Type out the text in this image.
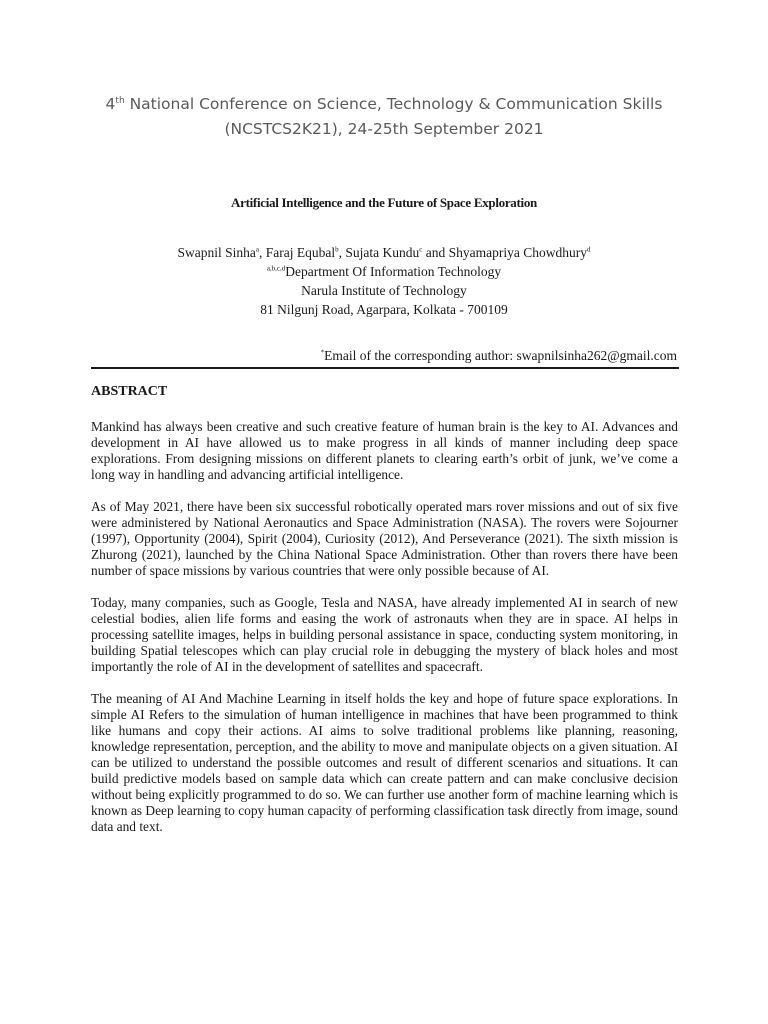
4th National Conference on Science, Technology & Communication Skills
(NCSTCS2K21), 24-25th September 2021
Artificial Intelligence and the Future of Space Exploration
Swapnil Sinha$^a$, Faraj Equbal$^b$, Sujata Kundu$^c$ and Shyamapriya Chowdhury$^d$
$^{a,b,c,d}$Department Of Information Technology
Narula Institute of Technology
81 Nilgunj Road, Agarpara, Kolkata - 700109
*Email of the corresponding author: swapnilsinha262@gmail.com
ABSTRACT

Mankind has always been creative and such creative feature of human brain is the key to AI. Advances and development in AI have allowed us to make progress in all kinds of manner including deep space explorations. From designing missions on different planets to clearing earth’s orbit of junk, we’ve come a long way in handling and advancing artificial intelligence.

As of May 2021, there have been six successful robotically operated mars rover missions and out of six five were administered by National Aeronautics and Space Administration (NASA). The rovers were Sojourner (1997), Opportunity (2004), Spirit (2004), Curiosity (2012), And Perseverance (2021). The sixth mission is Zhurong (2021), launched by the China National Space Administration. Other than rovers there have been number of space missions by various countries that were only possible because of AI.

Today, many companies, such as Google, Tesla and NASA, have already implemented AI in search of new celestial bodies, alien life forms and easing the work of astronauts when they are in space. AI helps in processing satellite images, helps in building personal assistance in space, conducting system monitoring, in building Spatial telescopes which can play crucial role in debugging the mystery of black holes and most importantly the role of AI in the development of satellites and spacecraft.

The meaning of AI And Machine Learning in itself holds the key and hope of future space explorations. In simple AI Refers to the simulation of human intelligence in machines that have been programmed to think like humans and copy their actions. AI aims to solve traditional problems like planning, reasoning, knowledge representation, perception, and the ability to move and manipulate objects on a given situation. AI can be utilized to understand the possible outcomes and result of different scenarios and situations. It can build predictive models based on sample data which can create pattern and can make conclusive decision without being explicitly programmed to do so. We can further use another form of machine learning which is known as Deep learning to copy human capacity of performing classification task directly from image, sound data and text.
